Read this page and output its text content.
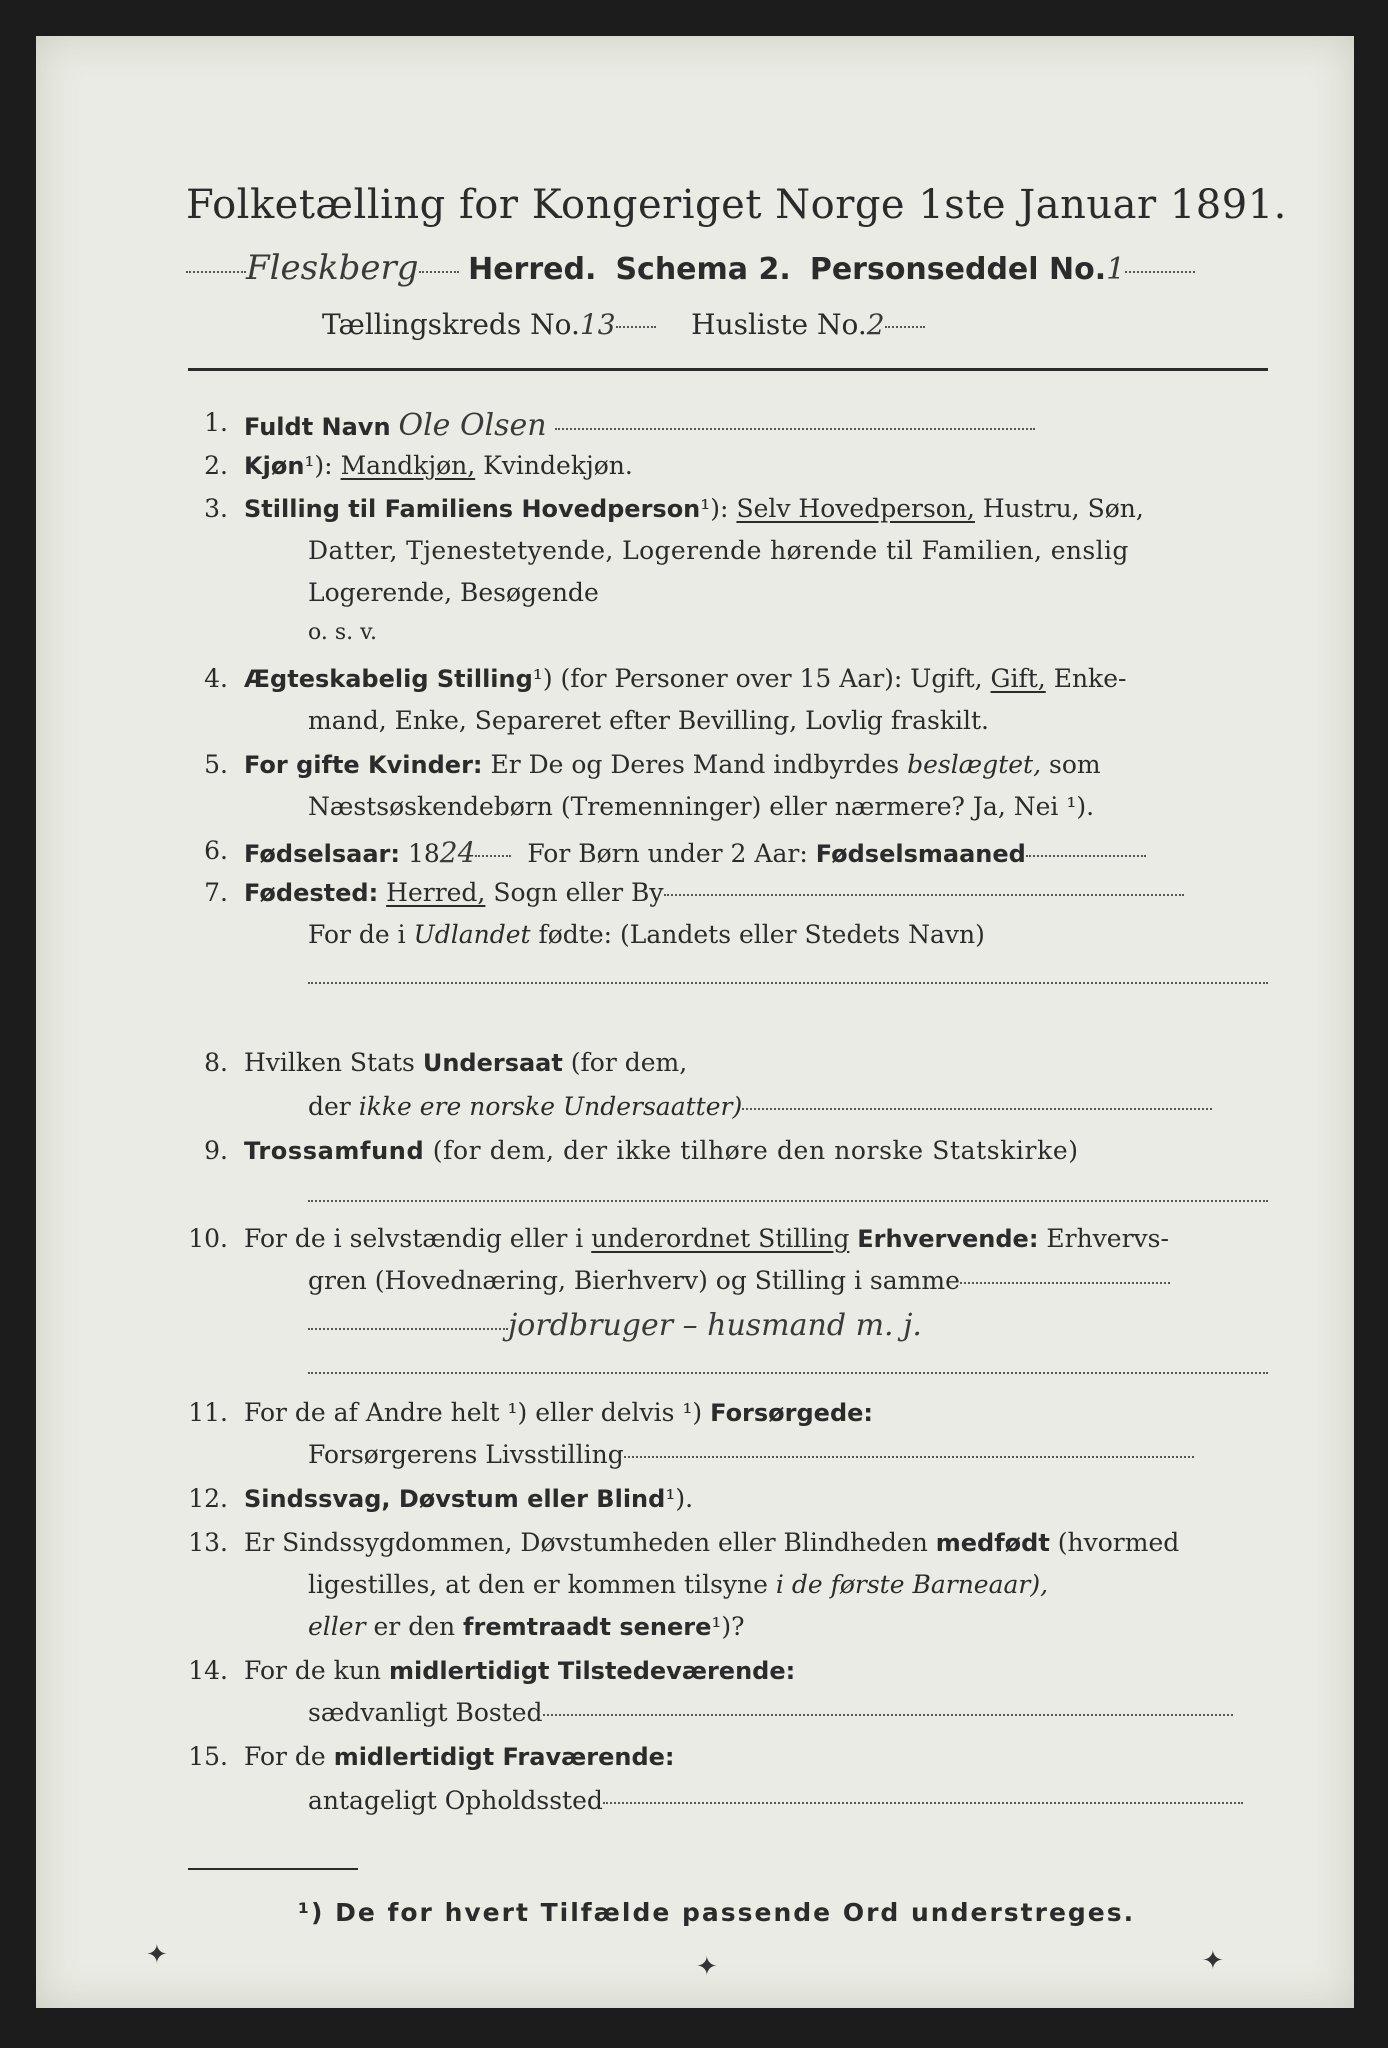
Folketælling for Kongeriget Norge 1ste Januar 1891.
Fleskberg Herred. Schema 2. Personseddel No.1
Tællingskreds No.13	Husliste No.2
1. Fuldt Navn Ole Olsen
2. Kjøn¹): Mandkjøn, Kvindekjøn.
3. Stilling til Familiens Hovedperson¹): Selv Hovedperson, Hustru, Søn,
Datter, Tjenestetyende, Logerende hørende til Familien, enslig
Logerende, Besøgende
o. s. v.
4. Ægteskabelig Stilling¹) (for Personer over 15 Aar): Ugift, Gift, Enke-
mand, Enke, Separeret efter Bevilling, Lovlig fraskilt.
5. For gifte Kvinder: Er De og Deres Mand indbyrdes beslægtet, som
Næstsøskendebørn (Tremenninger) eller nærmere? Ja, Nei ¹).
6. Fødselsaar: 1824 For Børn under 2 Aar: Fødselsmaaned
7. Fødested: Herred, Sogn eller By
For de i Udlandet fødte: (Landets eller Stedets Navn)
8. Hvilken Stats Undersaat (for dem,
der ikke ere norske Undersaatter)
9. Trossamfund (for dem, der ikke tilhøre den norske Statskirke)
10. For de i selvstændig eller i underordnet Stilling Erhvervende: Erhvervs-
gren (Hovednæring, Bierhverv) og Stilling i samme
jordbruger – husmand m. j.
11. For de af Andre helt ¹) eller delvis ¹) Forsørgede:
Forsørgerens Livsstilling
12. Sindssvag, Døvstum eller Blind¹).
13. Er Sindssygdommen, Døvstumheden eller Blindheden medfødt (hvormed
ligestilles, at den er kommen tilsyne i de første Barneaar),
eller er den fremtraadt senere¹)?
14. For de kun midlertidigt Tilstedeværende:
sædvanligt Bosted
15. For de midlertidigt Fraværende:
antageligt Opholdssted
¹) De for hvert Tilfælde passende Ord understreges.
✦	✦	✦
